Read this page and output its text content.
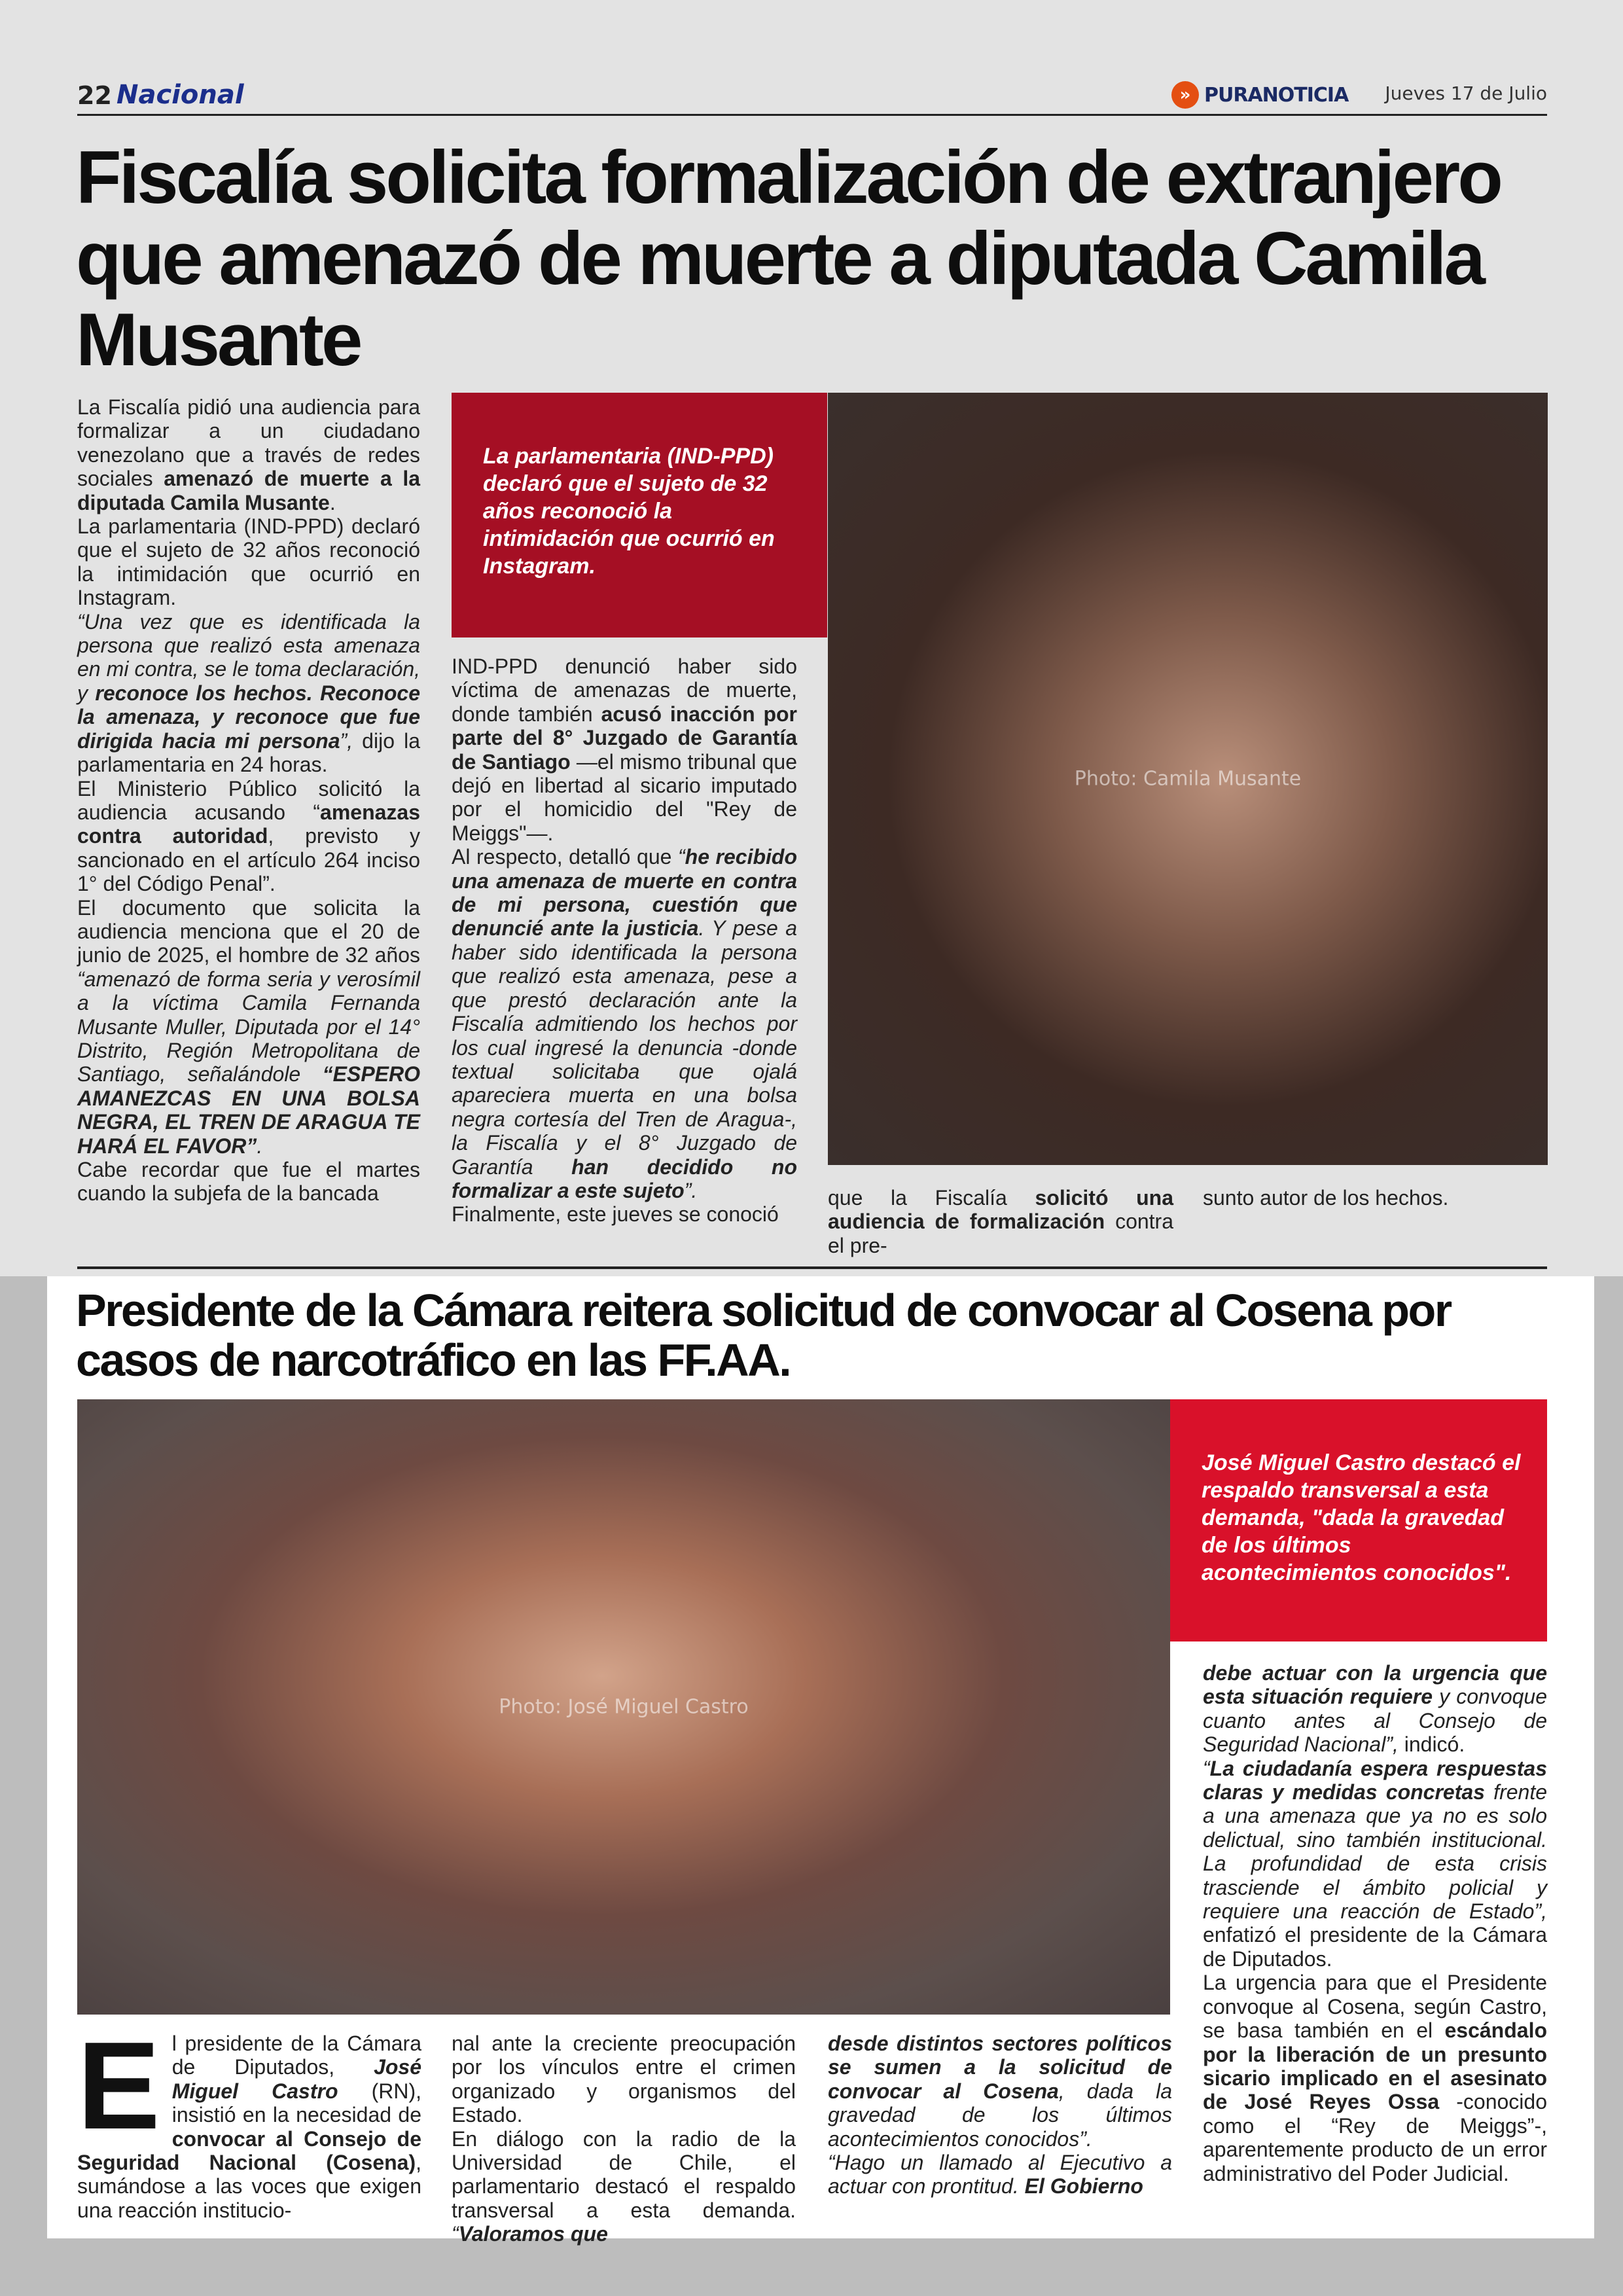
22 Nacional	» PURANOTICIA Jueves 17 de Julio
Fiscalía solicita formalización de extranjero que amenazó de muerte a diputada Camila Musante

La Fiscalía pidió una audiencia para formalizar a un ciudadano venezolano que a través de redes sociales amenazó de muerte a la diputada Camila Musante.

La parlamentaria (IND-PPD) declaró que el sujeto de 32 años reconoció la intimidación que ocurrió en Instagram.

“Una vez que es identificada la persona que realizó esta amenaza en mi contra, se le toma declaración, y reconoce los hechos. Reconoce la amenaza, y reconoce que fue dirigida hacia mi persona”, dijo la parlamentaria en 24 horas.

El Ministerio Público solicitó la audiencia acusando “amenazas contra autoridad, previsto y sancionado en el artículo 264 inciso 1° del Código Penal”.

El documento que solicita la audiencia menciona que el 20 de junio de 2025, el hombre de 32 años “amenazó de forma seria y verosímil a la víctima Camila Fernanda Musante Muller, Diputada por el 14° Distrito, Región Metropolitana de Santiago, señalándole “ESPERO AMANEZCAS EN UNA BOLSA NEGRA, EL TREN DE ARAGUA TE HARÁ EL FAVOR”.

Cabe recordar que fue el martes cuando la subjefa de la bancada

La parlamentaria (IND-PPD) declaró que el sujeto de 32 años reconoció la intimidación que ocurrió en Instagram.

IND-PPD denunció haber sido víctima de amenazas de muerte, donde también acusó inacción por parte del 8° Juzgado de Garantía de Santiago —el mismo tribunal que dejó en libertad al sicario imputado por el homicidio del "Rey de Meiggs"—.

Al respecto, detalló que “he recibido una amenaza de muerte en contra de mi persona, cuestión que denuncié ante la justicia. Y pese a haber sido identificada la persona que realizó esta amenaza, pese a que prestó declaración ante la Fiscalía admitiendo los hechos por los cual ingresé la denuncia -donde textual solicitaba que ojalá apareciera muerta en una bolsa negra cortesía del Tren de Aragua-, la Fiscalía y el 8° Juzgado de Garantía han decidido no formalizar a este sujeto”.

Finalmente, este jueves se conoció

Photo: Camila Musante

que la Fiscalía solicitó una audiencia de formalización contra el pre-

sunto autor de los hechos.

Presidente de la Cámara reitera solicitud de convocar al Cosena por casos de narcotráfico en las FF.AA.
Photo: José Miguel Castro
José Miguel Castro destacó el respaldo transversal a esta demanda, "dada la gravedad de los últimos acontecimientos conocidos".

debe actuar con la urgencia que esta situación requiere y convoque cuanto antes al Consejo de Seguridad Nacional”, indicó.

“La ciudadanía espera respuestas claras y medidas concretas frente a una amenaza que ya no es solo delictual, sino también institucional. La profundidad de esta crisis trasciende el ámbito policial y requiere una reacción de Estado”, enfatizó el presidente de la Cámara de Diputados.

La urgencia para que el Presidente convoque al Cosena, según Castro, se basa también en el escándalo por la liberación de un presunto sicario implicado en el asesinato de José Reyes Ossa -conocido como el “Rey de Meiggs”-, aparentemente producto de un error administrativo del Poder Judicial.

E l presidente de la Cámara de Diputados, José Miguel Castro (RN), insistió en la necesidad de convocar al Consejo de Seguridad Nacional (Cosena), sumándose a las voces que exigen una reacción institucio-

nal ante la creciente preocupación por los vínculos entre el crimen organizado y organismos del Estado.

En diálogo con la radio de la Universidad de Chile, el parlamentario destacó el respaldo transversal a esta demanda. “Valoramos que

desde distintos sectores políticos se sumen a la solicitud de convocar al Cosena, dada la gravedad de los últimos acontecimientos conocidos”.

“Hago un llamado al Ejecutivo a actuar con prontitud. El Gobierno
